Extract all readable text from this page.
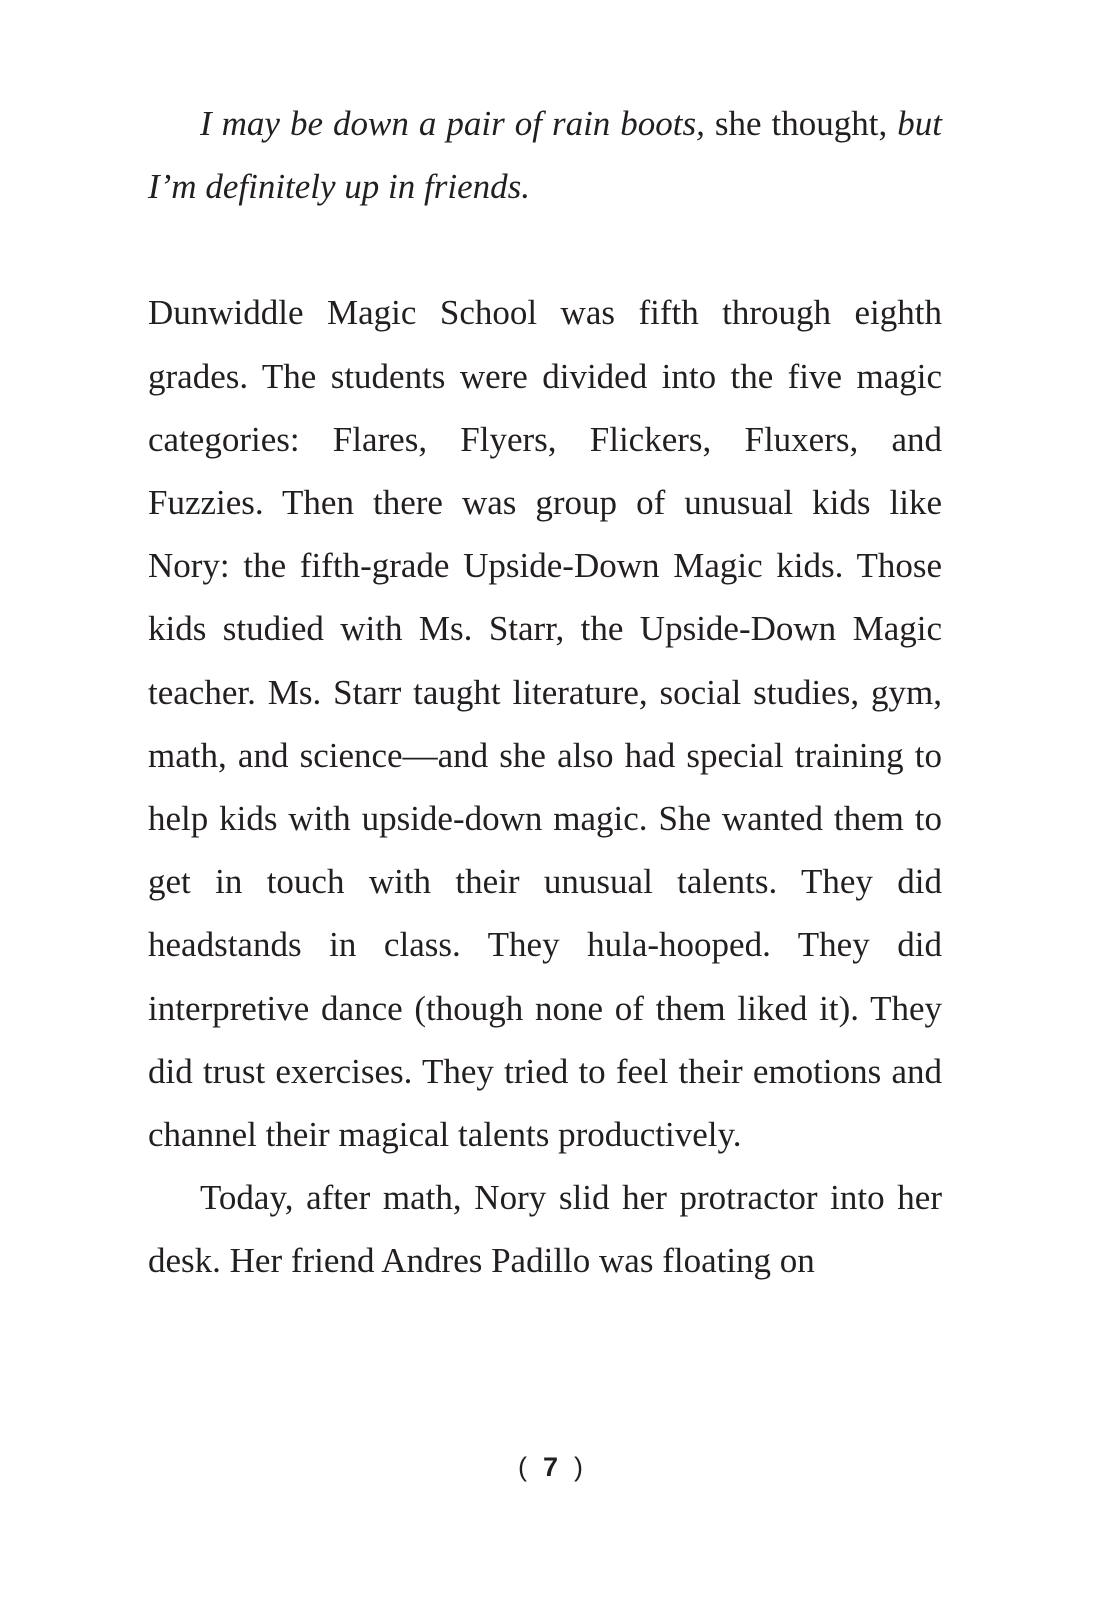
I may be down a pair of rain boots, she thought, but I’m definitely up in friends.

Dunwiddle Magic School was fifth through eighth grades. The students were divided into the five magic categories: Flares, Flyers, Flickers, Fluxers, and Fuzzies. Then there was group of unusual kids like Nory: the fifth-grade Upside-Down Magic kids. Those kids studied with Ms. Starr, the Upside-Down Magic teacher. Ms. Starr taught literature, social studies, gym, math, and science—and she also had special training to help kids with upside-down magic. She wanted them to get in touch with their unusual talents. They did headstands in class. They hula-hooped. They did interpretive dance (though none of them liked it). They did trust exercises. They tried to feel their emotions and channel their magical talents productively.

Today, after math, Nory slid her protractor into her desk. Her friend Andres Padillo was floating on

( 7 )
